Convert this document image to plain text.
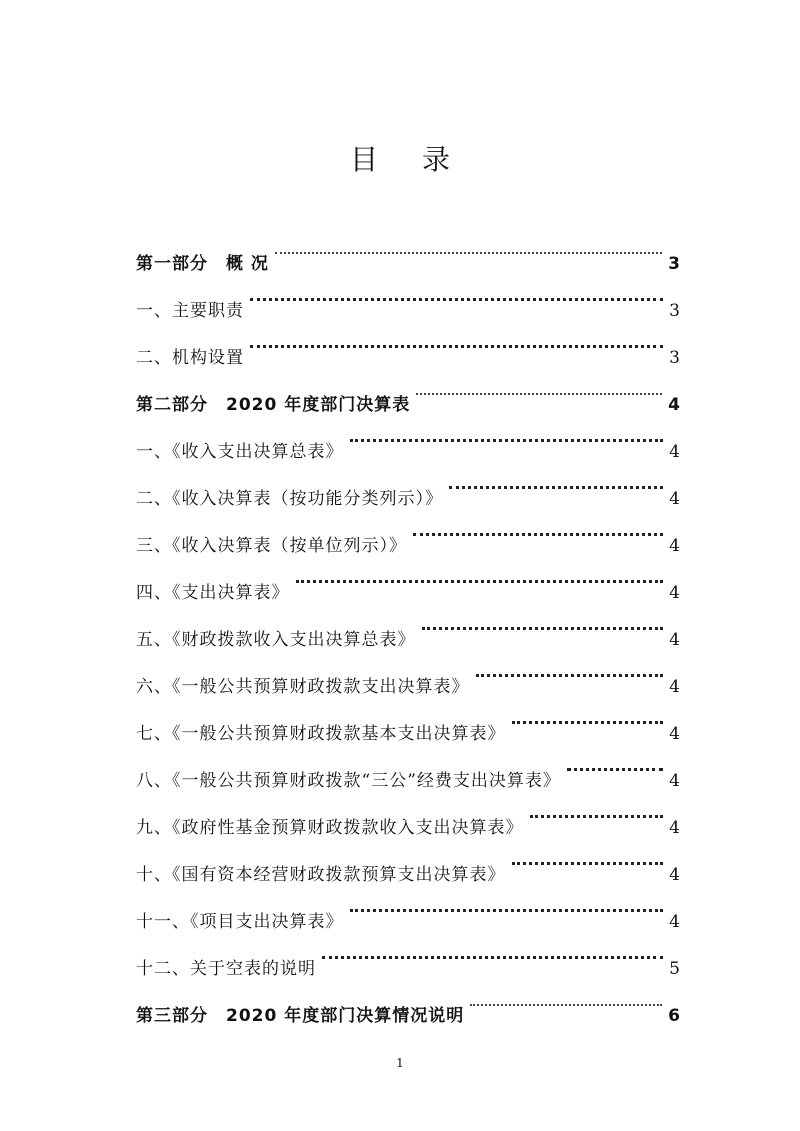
目录
第一部分　概 况	3
一、主要职责	3
二、机构设置	3
第二部分　2020 年度部门决算表	4
一、《收入支出决算总表》	4
二、《收入决算表（按功能分类列示）》	4
三、《收入决算表（按单位列示）》	4
四、《支出决算表》	4
五、《财政拨款收入支出决算总表》	4
六、《一般公共预算财政拨款支出决算表》	4
七、《一般公共预算财政拨款基本支出决算表》	4
八、《一般公共预算财政拨款“三公”经费支出决算表》	4
九、《政府性基金预算财政拨款收入支出决算表》	4
十、《国有资本经营财政拨款预算支出决算表》	4
十一、《项目支出决算表》	4
十二、关于空表的说明	5
第三部分　2020 年度部门决算情况说明	6
1
